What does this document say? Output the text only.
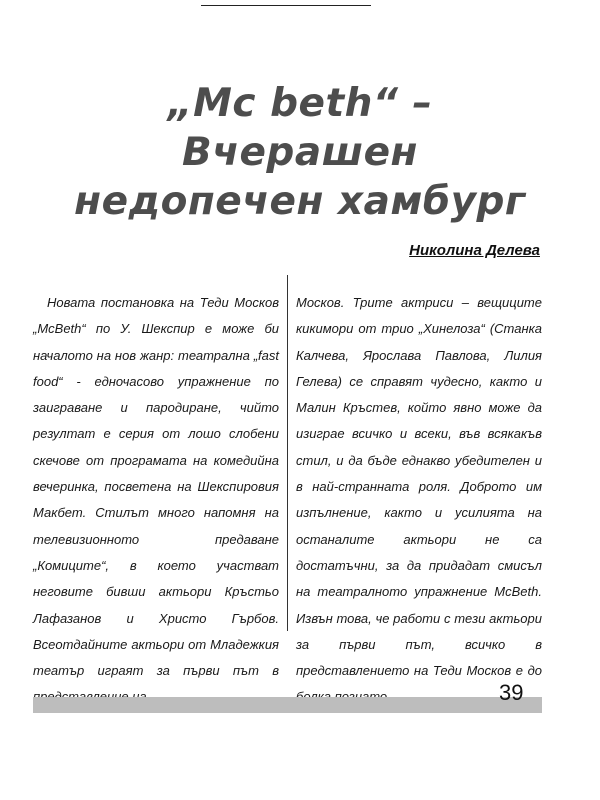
„Mc beth“ – Вчерашен
недопечен хамбург
Николина Делева

Новата постановка на Теди Москов „McBeth“ по У. Шекспир е може би началото на нов жанр: театрална „fast food“ - едночасово упражнение по заиграване и пародиране, чийто резултат е серия от лошо слобени скечове от програмата на комедийна вечеринка, посветена на Шекспировия Макбет. Стилът много напомня на телевизионното предаване „Комиците“, в което участват неговите бивши актьори Кръстьо Лафазанов и Христо Гърбов. Всеотдайните актьори от Младежкия театър играят за първи път в

Москов. Трите актриси – вещиците кикимори от трио „Хинелоза“ (Станка Калчева, Ярослава Павлова, Лилия Гелева) се справят чудесно, както и Малин Кръстев, който явно може да изиграе всичко и всеки, във всякакъв стил, и да бъде еднакво убедителен и в най-странната роля. Доброто им изпълнение, както и усилията на останалите актьори не са достатъчни, за да придадат смисъл на театралното упражнение McBeth. Извън това, че работи с тези актьори за първи път, всичко в представлението на Теди Москов е до

39
